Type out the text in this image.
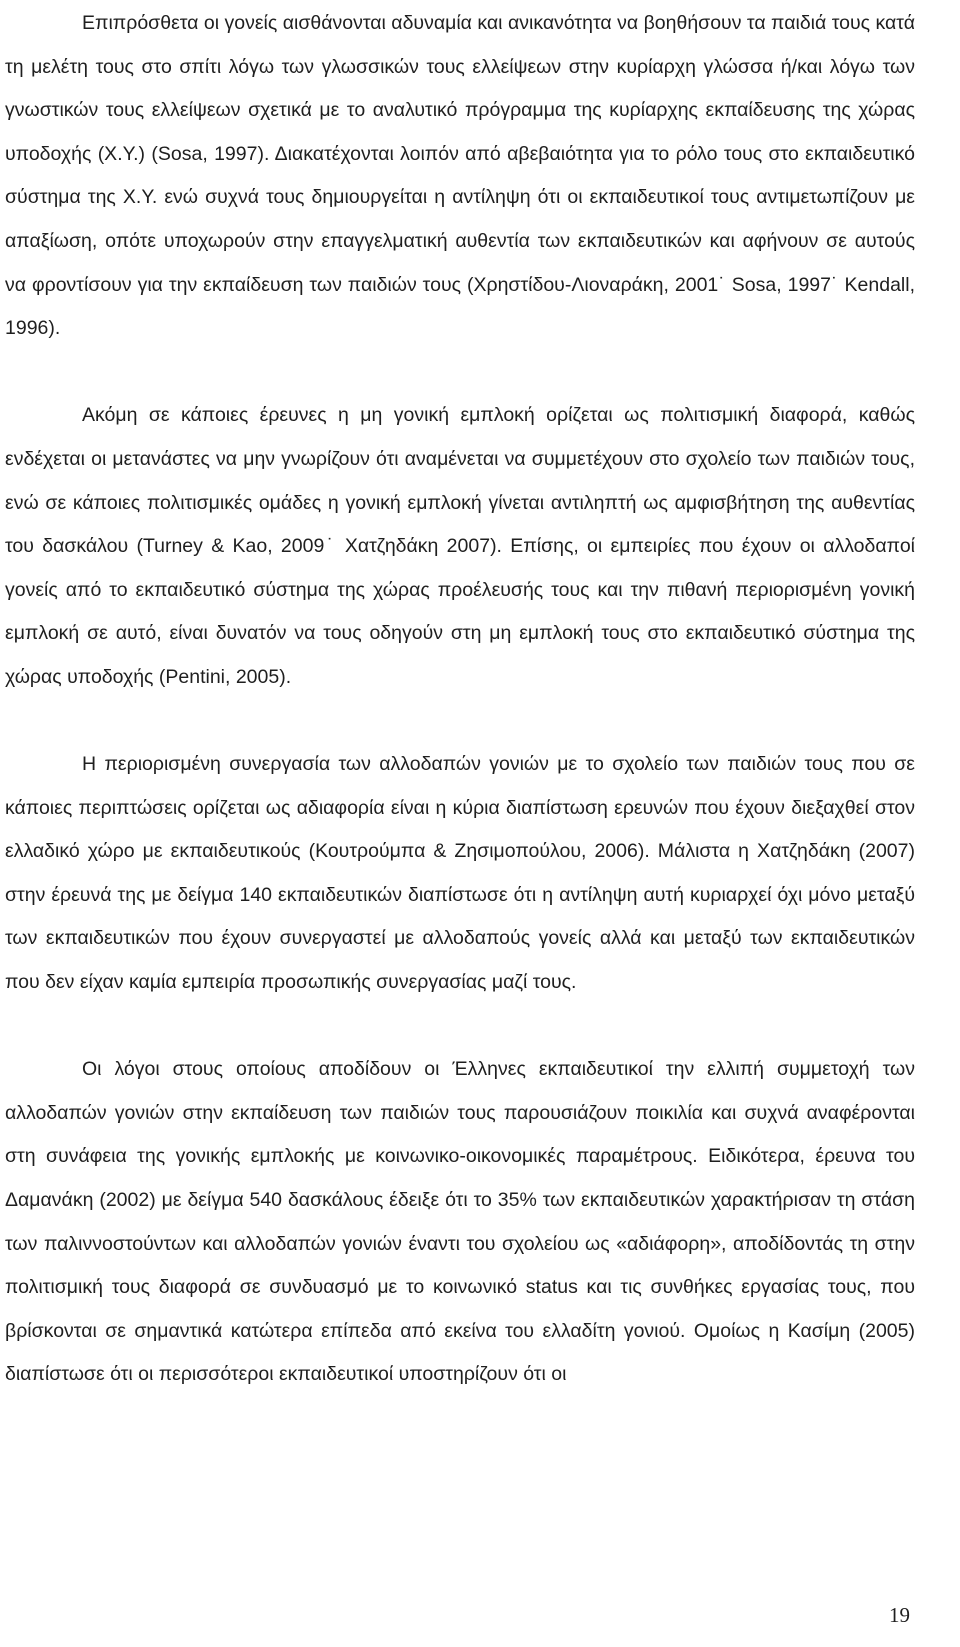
Επιπρόσθετα οι γονείς αισθάνονται αδυναμία και ανικανότητα να βοηθήσουν τα παιδιά τους κατά τη μελέτη τους στο σπίτι λόγω των γλωσσικών τους ελλείψεων στην κυρίαρχη γλώσσα ή/και λόγω των γνωστικών τους ελλείψεων σχετικά με το αναλυτικό πρόγραμμα της κυρίαρχης εκπαίδευσης της χώρας υποδοχής (Χ.Υ.) (Sosa, 1997). Διακατέχονται λοιπόν από αβεβαιότητα για το ρόλο τους στο εκπαιδευτικό σύστημα της Χ.Υ. ενώ συχνά τους δημιουργείται η αντίληψη ότι οι εκπαιδευτικοί τους αντιμετωπίζουν με απαξίωση, οπότε υποχωρούν στην επαγγελματική αυθεντία των εκπαιδευτικών και αφήνουν σε αυτούς να φροντίσουν για την εκπαίδευση των παιδιών τους (Χρηστίδου-Λιοναράκη, 2001˙ Sosa, 1997˙ Kendall, 1996).

Ακόμη σε κάποιες έρευνες η μη γονική εμπλοκή ορίζεται ως πολιτισμική διαφορά, καθώς ενδέχεται οι μετανάστες να μην γνωρίζουν ότι αναμένεται να συμμετέχουν στο σχολείο των παιδιών τους, ενώ σε κάποιες πολιτισμικές ομάδες η γονική εμπλοκή γίνεται αντιληπτή ως αμφισβήτηση της αυθεντίας του δασκάλου (Turney & Kao, 2009˙ Χατζηδάκη 2007). Επίσης, οι εμπειρίες που έχουν οι αλλοδαποί γονείς από το εκπαιδευτικό σύστημα της χώρας προέλευσής τους και την πιθανή περιορισμένη γονική εμπλοκή σε αυτό, είναι δυνατόν να τους οδηγούν στη μη εμπλοκή τους στο εκπαιδευτικό σύστημα της χώρας υποδοχής (Pentini, 2005).

Η περιορισμένη συνεργασία των αλλοδαπών γονιών με το σχολείο των παιδιών τους που σε κάποιες περιπτώσεις ορίζεται ως αδιαφορία είναι η κύρια διαπίστωση ερευνών που έχουν διεξαχθεί στον ελλαδικό χώρο με εκπαιδευτικούς (Κουτρούμπα & Ζησιμοπούλου, 2006). Μάλιστα η Χατζηδάκη (2007) στην έρευνά της με δείγμα 140 εκπαιδευτικών διαπίστωσε ότι η αντίληψη αυτή κυριαρχεί όχι μόνο μεταξύ των εκπαιδευτικών που έχουν συνεργαστεί με αλλοδαπούς γονείς αλλά και μεταξύ των εκπαιδευτικών που δεν είχαν καμία εμπειρία προσωπικής συνεργασίας μαζί τους.

Οι λόγοι στους οποίους αποδίδουν οι Έλληνες εκπαιδευτικοί την ελλιπή συμμετοχή των αλλοδαπών γονιών στην εκπαίδευση των παιδιών τους παρουσιάζουν ποικιλία και συχνά αναφέρονται στη συνάφεια της γονικής εμπλοκής με κοινωνικο-οικονομικές παραμέτρους. Ειδικότερα, έρευνα του Δαμανάκη (2002) με δείγμα 540 δασκάλους έδειξε ότι το 35% των εκπαιδευτικών χαρακτήρισαν τη στάση των παλιννοστούντων και αλλοδαπών γονιών έναντι του σχολείου ως «αδιάφορη», αποδίδοντάς τη στην πολιτισμική τους διαφορά σε συνδυασμό με το κοινωνικό status και τις συνθήκες εργασίας τους, που βρίσκονται σε σημαντικά κατώτερα επίπεδα από εκείνα του ελλαδίτη γονιού. Ομοίως η Κασίμη (2005) διαπίστωσε ότι οι περισσότεροι εκπαιδευτικοί υποστηρίζουν ότι οι

19
